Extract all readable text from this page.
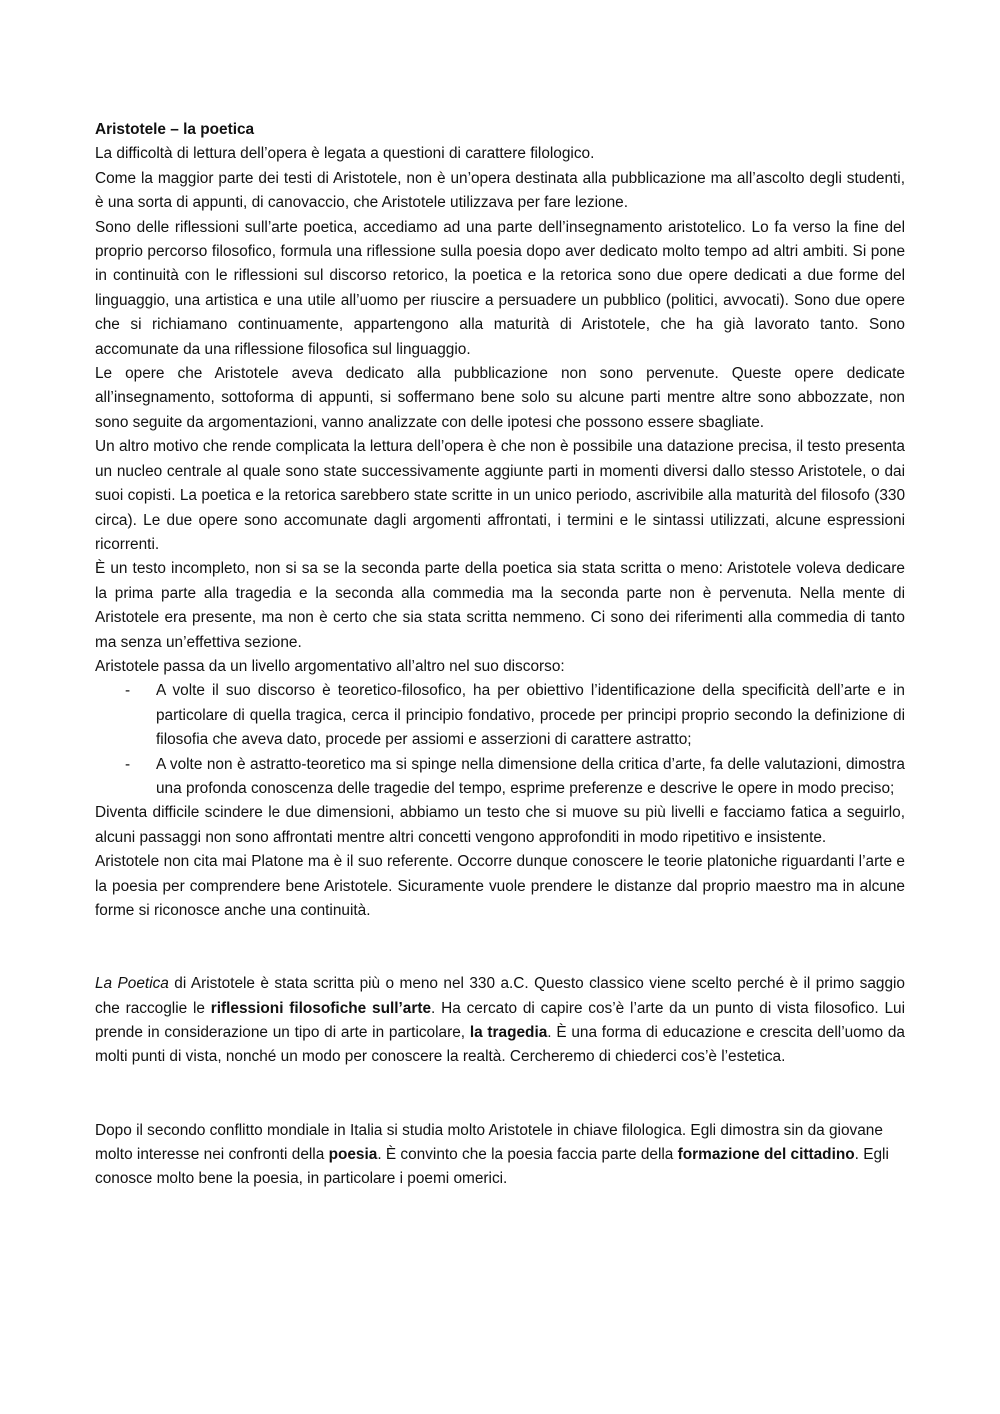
Aristotele – la poetica

La difficoltà di lettura dell’opera è legata a questioni di carattere filologico.

Come la maggior parte dei testi di Aristotele, non è un’opera destinata alla pubblicazione ma all’ascolto degli studenti, è una sorta di appunti, di canovaccio, che Aristotele utilizzava per fare lezione.

Sono delle riflessioni sull’arte poetica, accediamo ad una parte dell’insegnamento aristotelico. Lo fa verso la fine del proprio percorso filosofico, formula una riflessione sulla poesia dopo aver dedicato molto tempo ad altri ambiti. Si pone in continuità con le riflessioni sul discorso retorico, la poetica e la retorica sono due opere dedicati a due forme del linguaggio, una artistica e una utile all’uomo per riuscire a persuadere un pubblico (politici, avvocati). Sono due opere che si richiamano continuamente, appartengono alla maturità di Aristotele, che ha già lavorato tanto. Sono accomunate da una riflessione filosofica sul linguaggio.

Le opere che Aristotele aveva dedicato alla pubblicazione non sono pervenute. Queste opere dedicate all’insegnamento, sottoforma di appunti, si soffermano bene solo su alcune parti mentre altre sono abbozzate, non sono seguite da argomentazioni, vanno analizzate con delle ipotesi che possono essere sbagliate.

Un altro motivo che rende complicata la lettura dell’opera è che non è possibile una datazione precisa, il testo presenta un nucleo centrale al quale sono state successivamente aggiunte parti in momenti diversi dallo stesso Aristotele, o dai suoi copisti. La poetica e la retorica sarebbero state scritte in un unico periodo, ascrivibile alla maturità del filosofo (330 circa). Le due opere sono accomunate dagli argomenti affrontati, i termini e le sintassi utilizzati, alcune espressioni ricorrenti.

È un testo incompleto, non si sa se la seconda parte della poetica sia stata scritta o meno: Aristotele voleva dedicare la prima parte alla tragedia e la seconda alla commedia ma la seconda parte non è pervenuta. Nella mente di Aristotele era presente, ma non è certo che sia stata scritta nemmeno. Ci sono dei riferimenti alla commedia di tanto ma senza un’effettiva sezione.

Aristotele passa da un livello argomentativo all’altro nel suo discorso:

- A volte il suo discorso è teoretico-filosofico, ha per obiettivo l’identificazione della specificità dell’arte e in particolare di quella tragica, cerca il principio fondativo, procede per principi proprio secondo la definizione di filosofia che aveva dato, procede per assiomi e asserzioni di carattere astratto;
- A volte non è astratto-teoretico ma si spinge nella dimensione della critica d’arte, fa delle valutazioni, dimostra una profonda conoscenza delle tragedie del tempo, esprime preferenze e descrive le opere in modo preciso;

Diventa difficile scindere le due dimensioni, abbiamo un testo che si muove su più livelli e facciamo fatica a seguirlo, alcuni passaggi non sono affrontati mentre altri concetti vengono approfonditi in modo ripetitivo e insistente.

Aristotele non cita mai Platone ma è il suo referente. Occorre dunque conoscere le teorie platoniche riguardanti l’arte e la poesia per comprendere bene Aristotele. Sicuramente vuole prendere le distanze dal proprio maestro ma in alcune forme si riconosce anche una continuità.

La Poetica di Aristotele è stata scritta più o meno nel 330 a.C. Questo classico viene scelto perché è il primo saggio che raccoglie le riflessioni filosofiche sull’arte. Ha cercato di capire cos’è l’arte da un punto di vista filosofico. Lui prende in considerazione un tipo di arte in particolare, la tragedia. È una forma di educazione e crescita dell’uomo da molti punti di vista, nonché un modo per conoscere la realtà. Cercheremo di chiederci cos’è l’estetica.

Dopo il secondo conflitto mondiale in Italia si studia molto Aristotele in chiave filologica. Egli dimostra sin da giovane molto interesse nei confronti della poesia. È convinto che la poesia faccia parte della formazione del cittadino. Egli conosce molto bene la poesia, in particolare i poemi omerici.
